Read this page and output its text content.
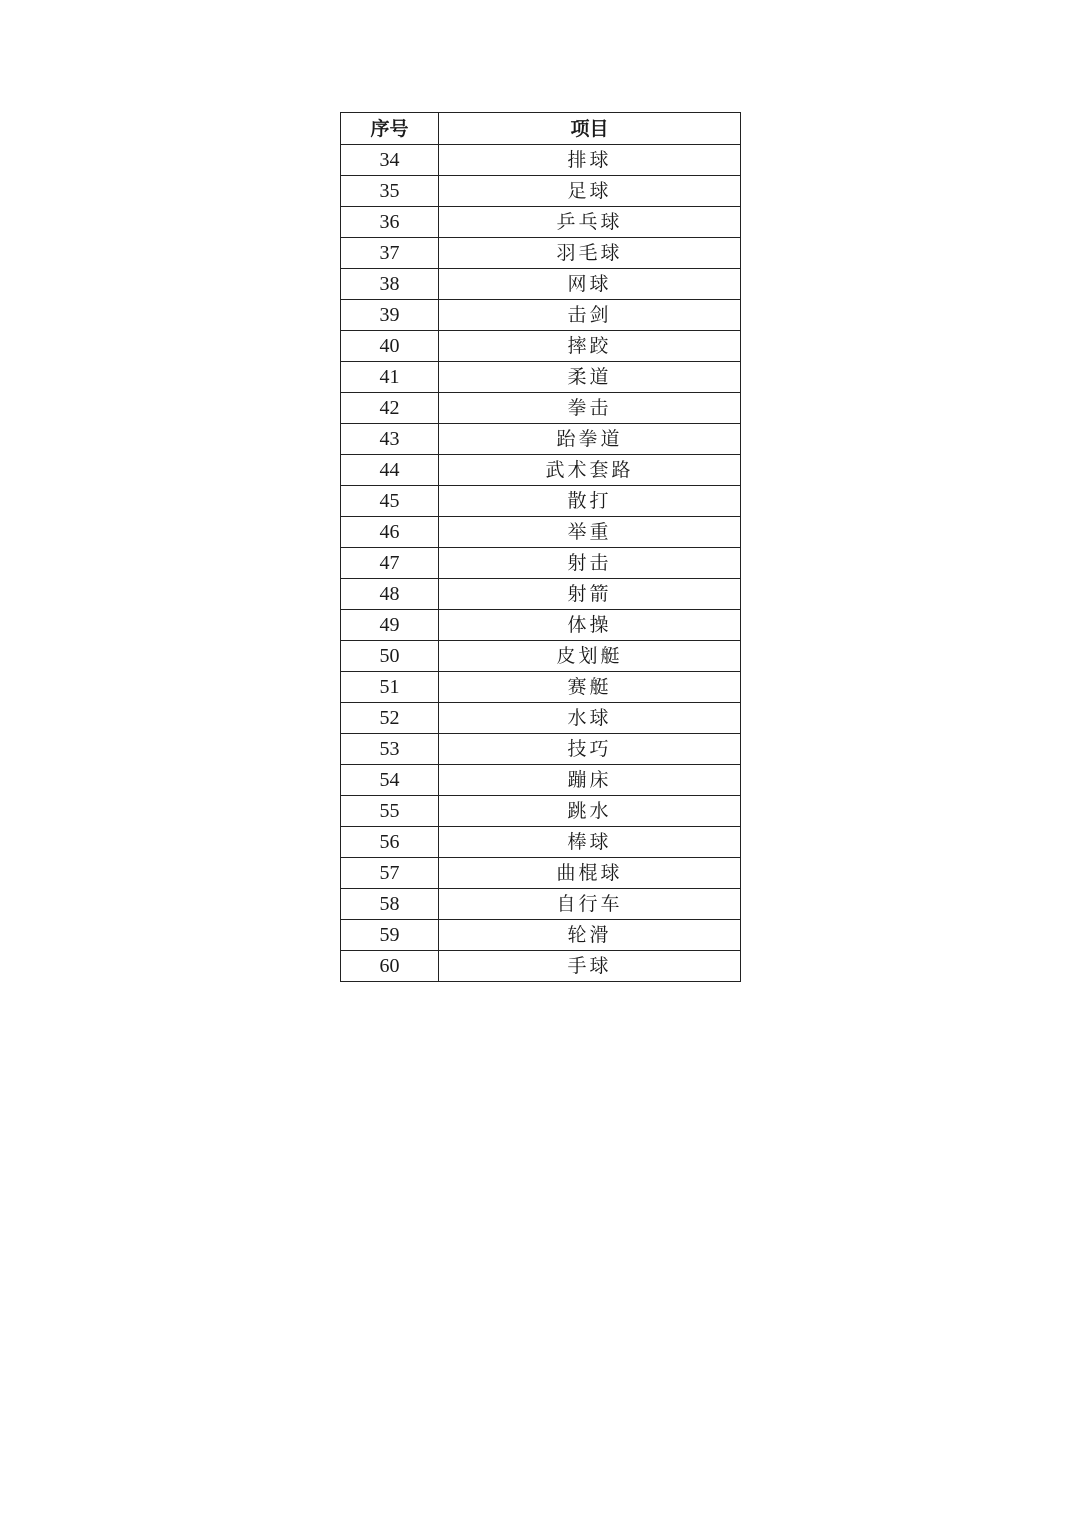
序号	项目
34	排球
35	足球
36	乒乓球
37	羽毛球
38	网球
39	击剑
40	摔跤
41	柔道
42	拳击
43	跆拳道
44	武术套路
45	散打
46	举重
47	射击
48	射箭
49	体操
50	皮划艇
51	赛艇
52	水球
53	技巧
54	蹦床
55	跳水
56	棒球
57	曲棍球
58	自行车
59	轮滑
60	手球
